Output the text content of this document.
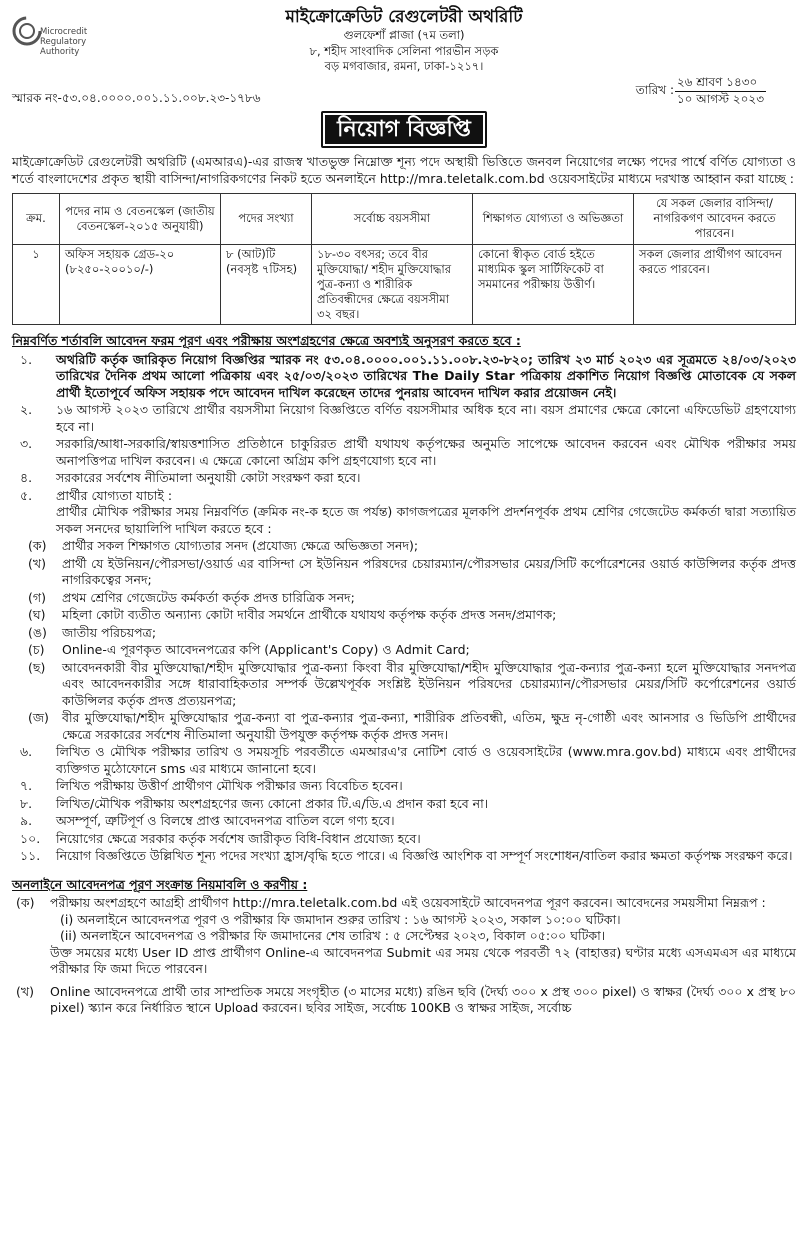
Microcredit
Regulatory
Authority
মাইক্রোক্রেডিট রেগুলেটরী অথরিটি
গুলফেশাঁ প্লাজা (৭ম তলা)
৮, শহীদ সাংবাদিক সেলিনা পারভীন সড়ক
বড় মগবাজার, রমনা, ঢাকা-১২১৭।
স্মারক নং-৫৩.০৪.০০০০.০০১.১১.০০৮.২৩-১৭৮৬
তারিখ :
২৬ শ্রাবণ ১৪৩০
১০ আগস্ট ২০২৩
নিয়োগ বিজ্ঞপ্তি
মাইক্রোক্রেডিট রেগুলেটরী অথরিটি (এমআরএ)-এর রাজস্ব খাতভুক্ত নিম্নোক্ত শূন্য পদে অস্থায়ী ভিত্তিতে জনবল নিয়োগের লক্ষ্যে পদের পার্শ্বে বর্ণিত যোগ্যতা ও শর্তে বাংলাদেশের প্রকৃত স্থায়ী বাসিন্দা/নাগরিকগণের নিকট হতে অনলাইনে http://mra.teletalk.com.bd ওয়েবসাইটের মাধ্যমে দরখাস্ত আহ্বান করা যাচ্ছে :
ক্রম.	পদের নাম ও বেতনস্কেল (জাতীয় বেতনস্কেল-২০১৫ অনুযায়ী)	পদের সংখ্যা	সর্বোচ্চ বয়সসীমা	শিক্ষাগত যোগ্যতা ও অভিজ্ঞতা	যে সকল জেলার বাসিন্দা/নাগরিকগণ আবেদন করতে পারবেন।
১	অফিস সহায়ক গ্রেড-২০ (৮২৫০-২০০১০/-)	৮ (আট)টি (নবসৃষ্ট ৭টিসহ)	১৮-৩০ বৎসর; তবে বীর মুক্তিযোদ্ধা/ শহীদ মুক্তিযোদ্ধার পুত্র-কন্যা ও শারীরিক প্রতিবন্ধীদের ক্ষেত্রে বয়সসীমা ৩২ বছর।	কোনো স্বীকৃত বোর্ড হইতে মাধ্যমিক স্কুল সার্টিফিকেট বা সমমানের পরীক্ষায় উত্তীর্ণ।	সকল জেলার প্রার্থীগণ আবেদন করতে পারবেন।
নিম্নবর্ণিত শর্তাবলি আবেদন ফরম পূরণ এবং পরীক্ষায় অংশগ্রহণের ক্ষেত্রে অবশ্যই অনুসরণ করতে হবে :
১.	অথরিটি কর্তৃক জারিকৃত নিয়োগ বিজ্ঞপ্তির স্মারক নং ৫৩.০৪.০০০০.০০১.১১.০০৮.২৩-৮২০; তারিখ ২৩ মার্চ ২০২৩ এর সূত্রমতে ২৪/০৩/২০২৩ তারিখের দৈনিক প্রথম আলো পত্রিকায় এবং ২৫/০৩/২০২৩ তারিখের The Daily Star পত্রিকায় প্রকাশিত নিয়োগ বিজ্ঞপ্তি মোতাবেক যে সকল প্রার্থী ইতোপূর্বে অফিস সহায়ক পদে আবেদন দাখিল করেছেন তাদের পুনরায় আবেদন দাখিল করার প্রয়োজন নেই।
২.	১৬ আগস্ট ২০২৩ তারিখে প্রার্থীর বয়সসীমা নিয়োগ বিজ্ঞপ্তিতে বর্ণিত বয়সসীমার অধিক হবে না। বয়স প্রমাণের ক্ষেত্রে কোনো এফিডেভিট গ্রহণযোগ্য হবে না।
৩.	সরকারি/আধা-সরকারি/স্বায়ত্তশাসিত প্রতিষ্ঠানে চাকুরিরত প্রার্থী যথাযথ কর্তৃপক্ষের অনুমতি সাপেক্ষে আবেদন করবেন এবং মৌখিক পরীক্ষার সময় অনাপত্তিপত্র দাখিল করবেন। এ ক্ষেত্রে কোনো অগ্রিম কপি গ্রহণযোগ্য হবে না।
৪.	সরকারের সর্বশেষ নীতিমালা অনুযায়ী কোটা সংরক্ষণ করা হবে।
৫.	প্রার্থীর যোগ্যতা যাচাই :
প্রার্থীর মৌখিক পরীক্ষার সময় নিম্নবর্ণিত (ক্রমিক নং-ক হতে জ পর্যন্ত) কাগজপত্রের মূলকপি প্রদর্শনপূর্বক প্রথম শ্রেণির গেজেটেড কর্মকর্তা দ্বারা সত্যায়িত সকল সনদের ছায়ালিপি দাখিল করতে হবে :
(ক)	প্রার্থীর সকল শিক্ষাগত যোগ্যতার সনদ (প্রযোজ্য ক্ষেত্রে অভিজ্ঞতা সনদ);
(খ)	প্রার্থী যে ইউনিয়ন/পৌরসভা/ওয়ার্ড এর বাসিন্দা সে ইউনিয়ন পরিষদের চেয়ারম্যান/পৌরসভার মেয়র/সিটি কর্পোরেশনের ওয়ার্ড কাউন্সিলর কর্তৃক প্রদত্ত নাগরিকত্বের সনদ;
(গ)	প্রথম শ্রেণির গেজেটেড কর্মকর্তা কর্তৃক প্রদত্ত চারিত্রিক সনদ;
(ঘ)	মহিলা কোটা ব্যতীত অন্যান্য কোটা দাবীর সমর্থনে প্রার্থীকে যথাযথ কর্তৃপক্ষ কর্তৃক প্রদত্ত সনদ/প্রমাণক;
(ঙ)	জাতীয় পরিচয়পত্র;
(চ)	Online-এ পূরণকৃত আবেদনপত্রের কপি (Applicant's Copy) ও Admit Card;
(ছ)	আবেদনকারী বীর মুক্তিযোদ্ধা/শহীদ মুক্তিযোদ্ধার পুত্র-কন্যা কিংবা বীর মুক্তিযোদ্ধা/শহীদ মুক্তিযোদ্ধার পুত্র-কন্যার পুত্র-কন্যা হলে মুক্তিযোদ্ধার সনদপত্র এবং আবেদনকারীর সঙ্গে ধারাবাহিকতার সম্পর্ক উল্লেখপূর্বক সংশ্লিষ্ট ইউনিয়ন পরিষদের চেয়ারম্যান/পৌরসভার মেয়র/সিটি কর্পোরেশনের ওয়ার্ড কাউন্সিলর কর্তৃক প্রদত্ত প্রত্যয়নপত্র;
(জ)	বীর মুক্তিযোদ্ধা/শহীদ মুক্তিযোদ্ধার পুত্র-কন্যা বা পুত্র-কন্যার পুত্র-কন্যা, শারীরিক প্রতিবন্ধী, এতিম, ক্ষুদ্র নৃ-গোষ্ঠী এবং আনসার ও ভিডিপি প্রার্থীদের ক্ষেত্রে সরকারের সর্বশেষ নীতিমালা অনুযায়ী উপযুক্ত কর্তৃপক্ষ কর্তৃক প্রদত্ত সনদ।
৬.	লিখিত ও মৌখিক পরীক্ষার তারিখ ও সময়সূচি পরবর্তীতে এমআরএ'র নোটিশ বোর্ড ও ওয়েবসাইটের (www.mra.gov.bd) মাধ্যমে এবং প্রার্থীদের ব্যক্তিগত মুঠোফোনে sms এর মাধ্যমে জানানো হবে।
৭.	লিখিত পরীক্ষায় উত্তীর্ণ প্রার্থীগণ মৌখিক পরীক্ষার জন্য বিবেচিত হবেন।
৮.	লিখিত/মৌখিক পরীক্ষায় অংশগ্রহণের জন্য কোনো প্রকার টি.এ/ডি.এ প্রদান করা হবে না।
৯.	অসম্পূর্ণ, ত্রুটিপূর্ণ ও বিলম্বে প্রাপ্ত আবেদনপত্র বাতিল বলে গণ্য হবে।
১০.	নিয়োগের ক্ষেত্রে সরকার কর্তৃক সর্বশেষ জারীকৃত বিধি-বিধান প্রযোজ্য হবে।
১১.	নিয়োগ বিজ্ঞপ্তিতে উল্লিখিত শূন্য পদের সংখ্যা হ্রাস/বৃদ্ধি হতে পারে। এ বিজ্ঞপ্তি আংশিক বা সম্পূর্ণ সংশোধন/বাতিল করার ক্ষমতা কর্তৃপক্ষ সংরক্ষণ করে।
অনলাইনে আবেদনপত্র পূরণ সংক্রান্ত নিয়মাবলি ও করণীয় :
(ক)	পরীক্ষায় অংশগ্রহণে আগ্রহী প্রার্থীগণ http://mra.teletalk.com.bd এই ওয়েবসাইটে আবেদনপত্র পূরণ করবেন। আবেদনের সময়সীমা নিম্নরূপ :
(i) অনলাইনে আবেদনপত্র পূরণ ও পরীক্ষার ফি জমাদান শুরুর তারিখ : ১৬ আগস্ট ২০২৩, সকাল ১০:০০ ঘটিকা।
(ii) অনলাইনে আবেদনপত্র ও পরীক্ষার ফি জমাদানের শেষ তারিখ : ৫ সেপ্টেম্বর ২০২৩, বিকাল ০৫:০০ ঘটিকা।
উক্ত সময়ের মধ্যে User ID প্রাপ্ত প্রার্থীগণ Online-এ আবেদনপত্র Submit এর সময় থেকে পরবর্তী ৭২ (বাহাত্তর) ঘণ্টার মধ্যে এসএমএস এর মাধ্যমে পরীক্ষার ফি জমা দিতে পারবেন।
(খ)	Online আবেদনপত্রে প্রার্থী তার সাম্প্রতিক সময়ে সংগৃহীত (৩ মাসের মধ্যে) রঙিন ছবি (দৈর্ঘ্য ৩০০ x প্রস্থ ৩০০ pixel) ও স্বাক্ষর (দৈর্ঘ্য ৩০০ x প্রস্থ ৮০ pixel) স্ক্যান করে নির্ধারিত স্থানে Upload করবেন। ছবির সাইজ, সর্বোচ্চ 100KB ও স্বাক্ষর সাইজ, সর্বোচ্চ
